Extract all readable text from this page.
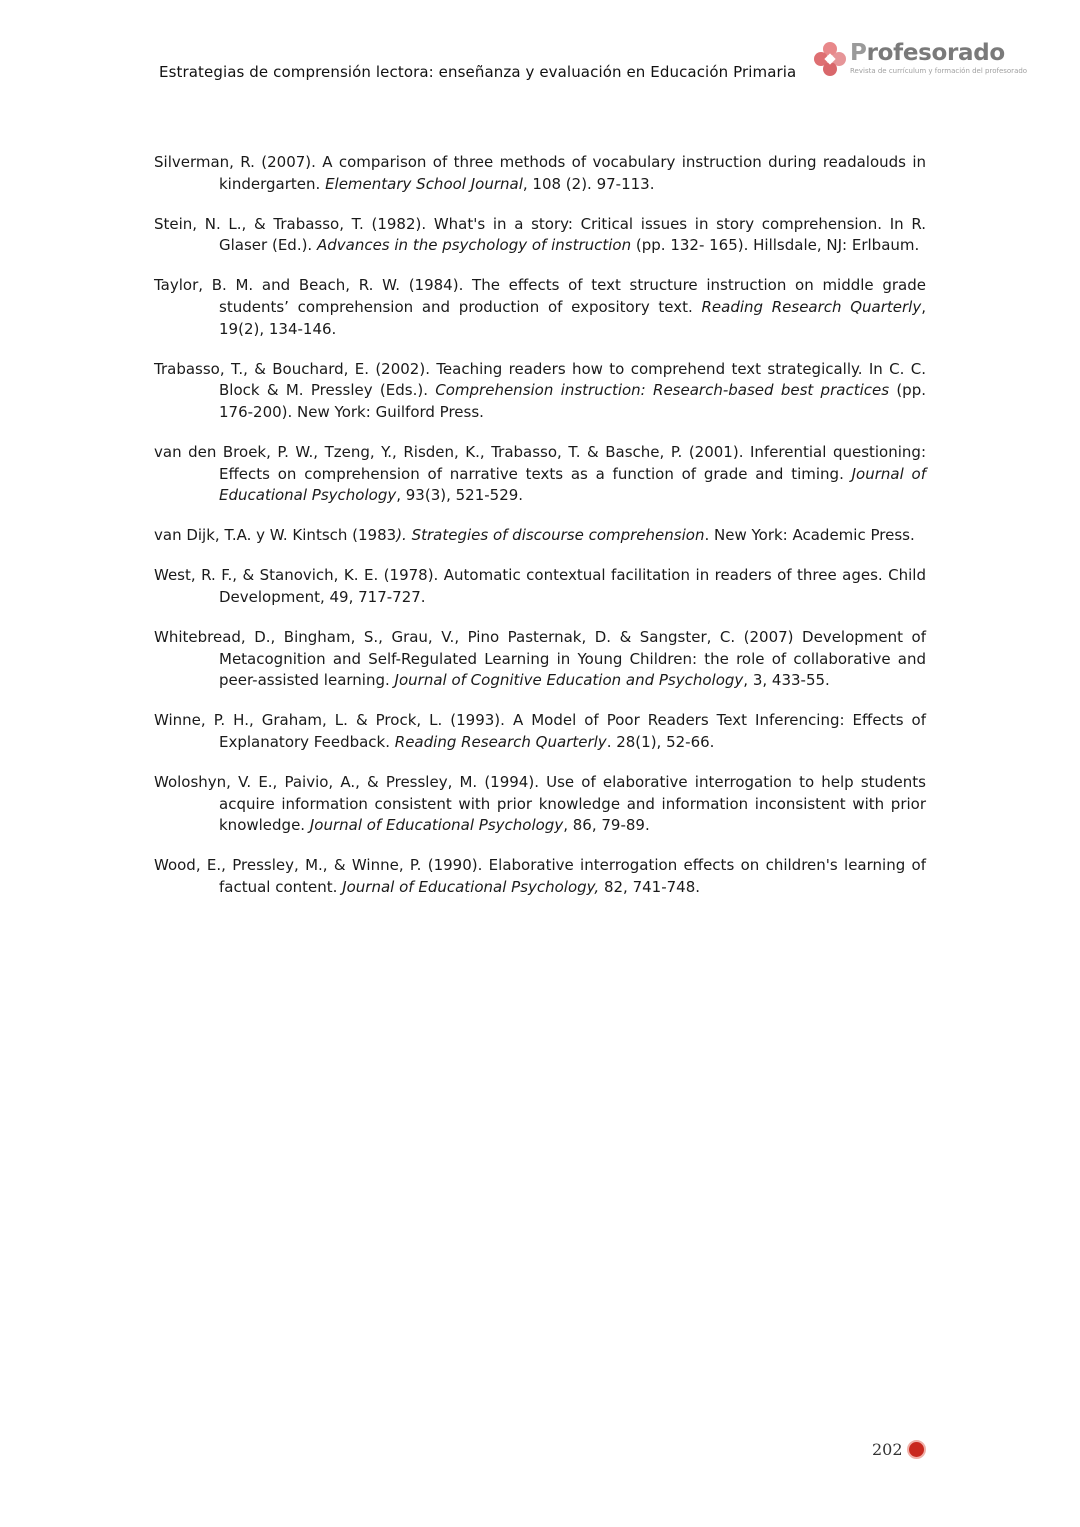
Estrategias de comprensión lectora: enseñanza y evaluación en Educación Primaria
Profesorado
Revista de currículum y formación del profesorado

Silverman, R. (2007). A comparison of three methods of vocabulary instruction during readalouds in kindergarten. Elementary School Journal, 108 (2). 97-113.

Stein, N. L., & Trabasso, T. (1982). What's in a story: Critical issues in story comprehension. In R. Glaser (Ed.). Advances in the psychology of instruction (pp. 132- 165). Hillsdale, NJ: Erlbaum.

Taylor, B. M. and Beach, R. W. (1984). The effects of text structure instruction on middle grade students’ comprehension and production of expository text. Reading Research Quarterly, 19(2), 134-146.

Trabasso, T., & Bouchard, E. (2002). Teaching readers how to comprehend text strategically. In C. C. Block & M. Pressley (Eds.). Comprehension instruction: Research-based best practices (pp. 176-200). New York: Guilford Press.

van den Broek, P. W., Tzeng, Y., Risden, K., Trabasso, T. & Basche, P. (2001). Inferential questioning: Effects on comprehension of narrative texts as a function of grade and timing. Journal of Educational Psychology, 93(3), 521-529.

van Dijk, T.A. y W. Kintsch (1983). Strategies of discourse comprehension. New York: Academic Press.

West, R. F., & Stanovich, K. E. (1978). Automatic contextual facilitation in readers of three ages. Child Development, 49, 717-727.

Whitebread, D., Bingham, S., Grau, V., Pino Pasternak, D. & Sangster, C. (2007) Development of Metacognition and Self-Regulated Learning in Young Children: the role of collaborative and peer-assisted learning. Journal of Cognitive Education and Psychology, 3, 433-55.

Winne, P. H., Graham, L. & Prock, L. (1993). A Model of Poor Readers Text Inferencing: Effects of Explanatory Feedback. Reading Research Quarterly. 28(1), 52-66.

Woloshyn, V. E., Paivio, A., & Pressley, M. (1994). Use of elaborative interrogation to help students acquire information consistent with prior knowledge and information inconsistent with prior knowledge. Journal of Educational Psychology, 86, 79-89.

Wood, E., Pressley, M., & Winne, P. (1990). Elaborative interrogation effects on children's learning of factual content. Journal of Educational Psychology, 82, 741-748.

202
